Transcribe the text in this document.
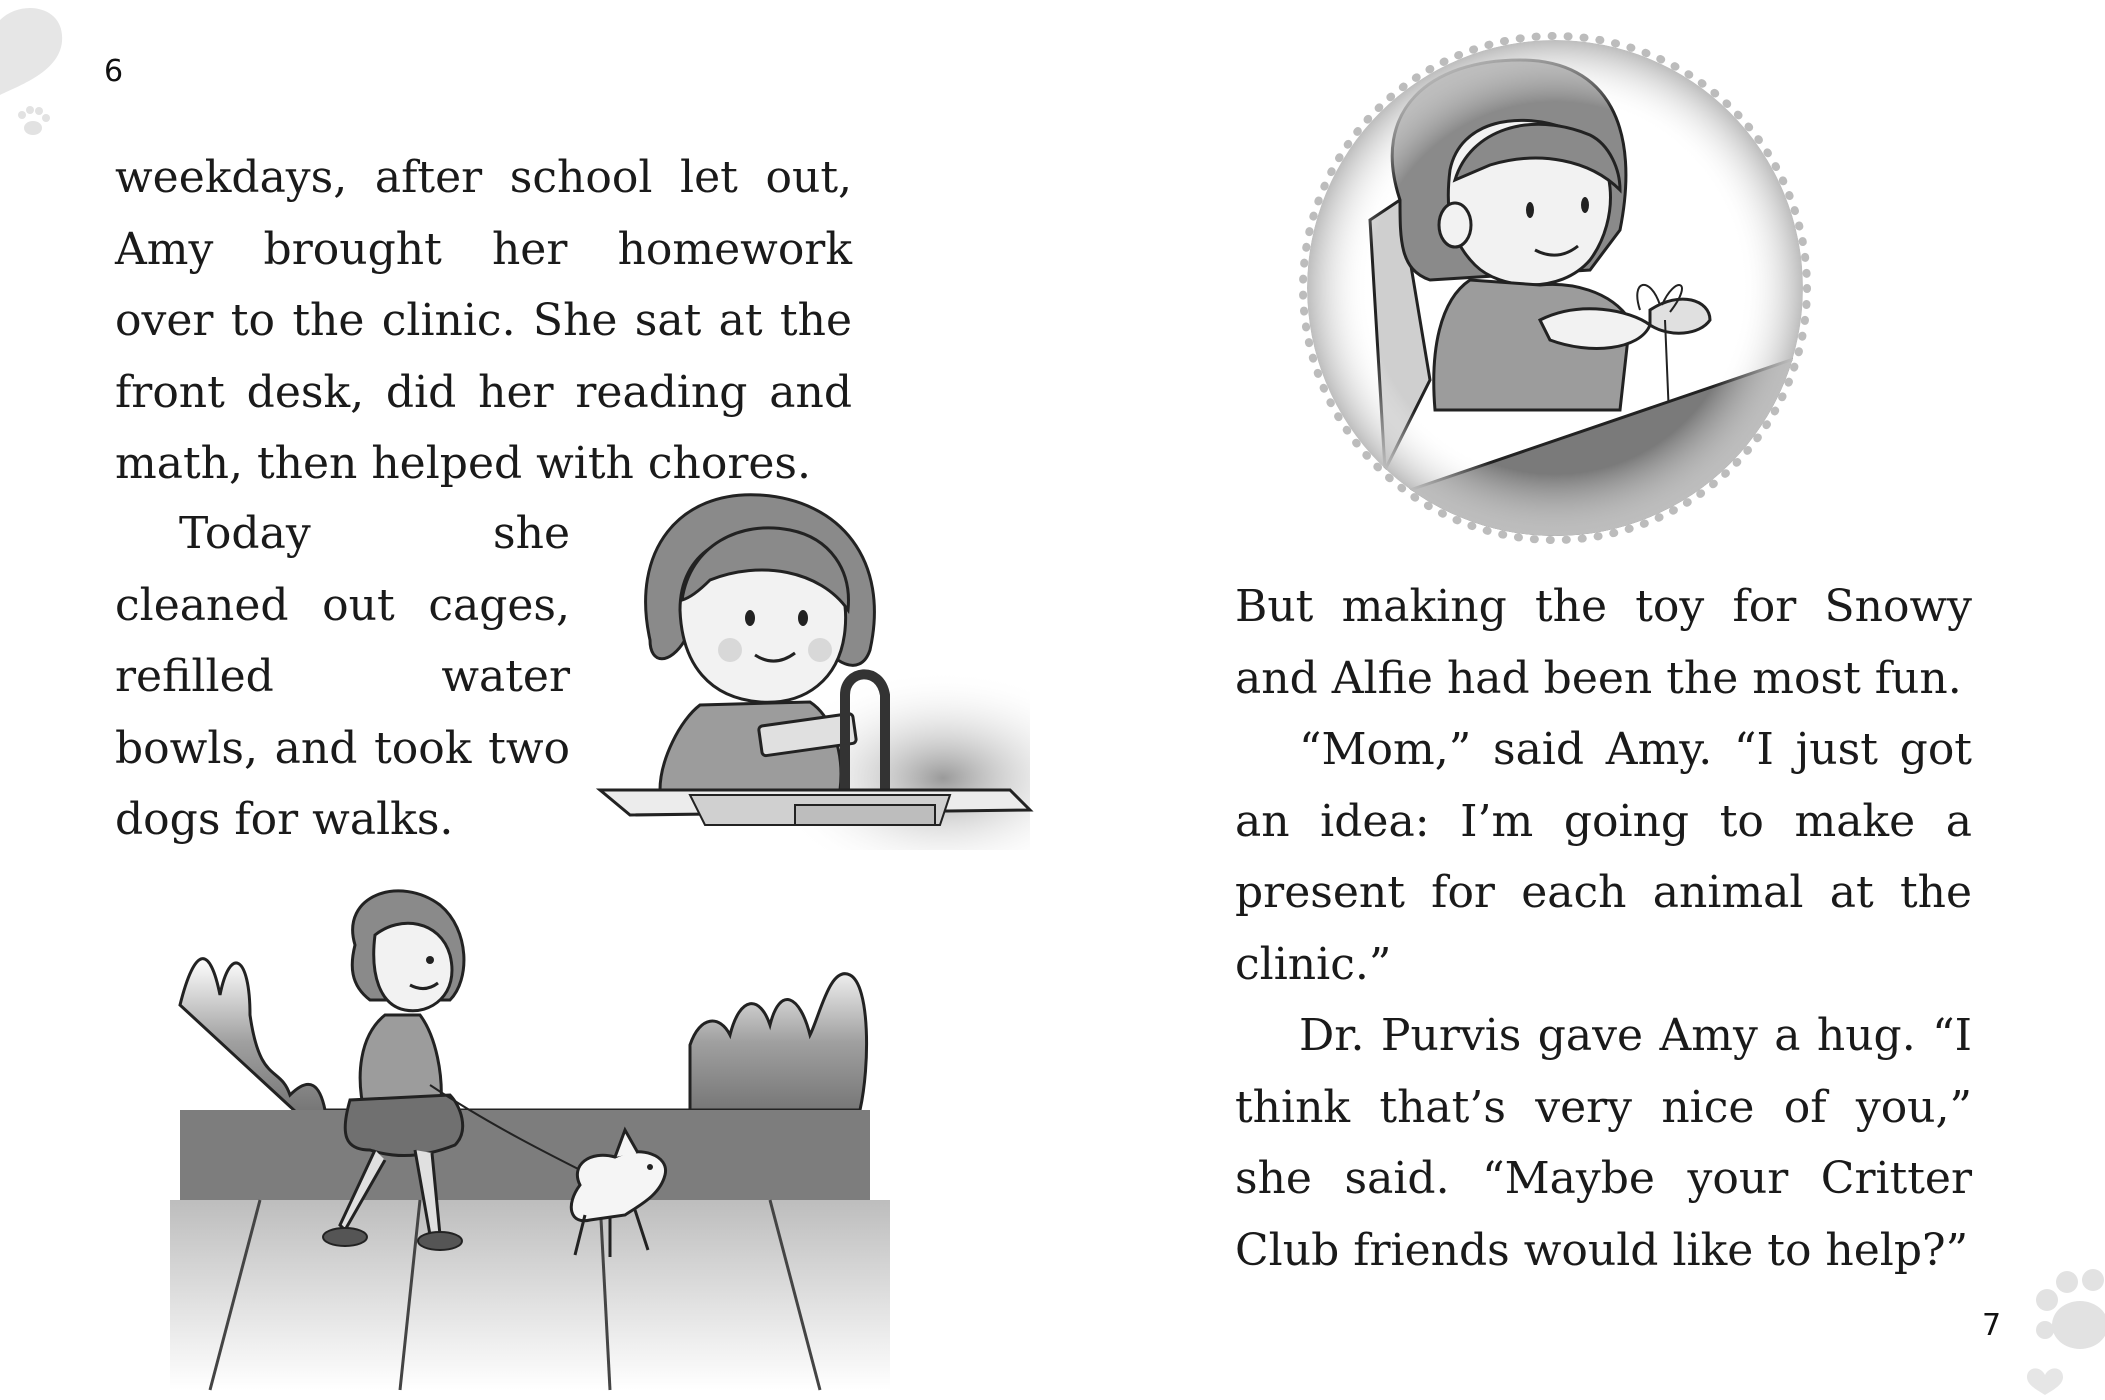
6

weekdays, after school let out, Amy brought her homework over to the clinic. She sat at the front desk, did her reading and math, then helped with chores.

Today she cleaned out cages, refilled water bowls, and took two dogs for walks.

But making the toy for Snowy and Alfie had been the most fun.

“Mom,” said Amy. “I just got an idea: I’m going to make a present for each animal at the clinic.”

Dr. Purvis gave Amy a hug. “I think that’s very nice of you,” she said. “Maybe your Critter Club friends would like to help?”

7
